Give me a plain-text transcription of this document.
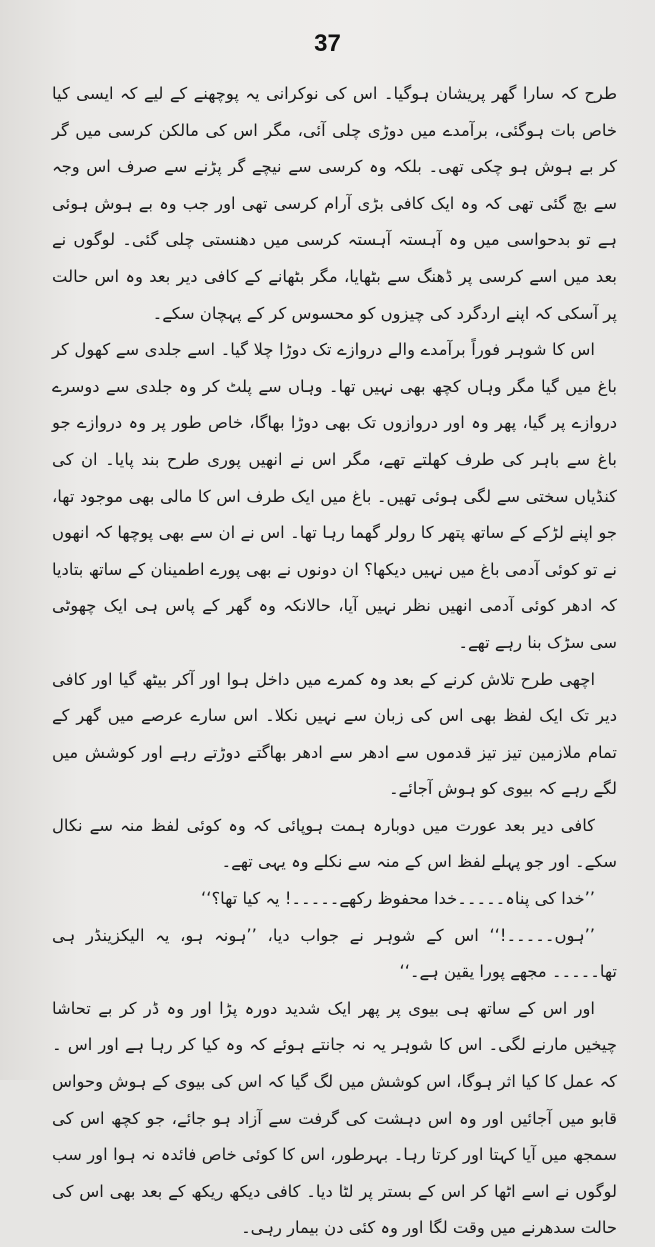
37

طرح کہ سارا گھر پریشان ہوگیا۔ اس کی نوکرانی یہ پوچھنے کے لیے کہ ایسی کیا خاص بات ہوگئی، برآمدے میں دوڑی چلی آئی، مگر اس کی مالکن کرسی میں گر کر بے ہوش ہو چکی تھی۔ بلکہ وہ کرسی سے نیچے گر پڑنے سے صرف اس وجہ سے بچ گئی تھی کہ وہ ایک کافی بڑی آرام کرسی تھی اور جب وہ بے ہوش ہوئی ہے تو بدحواسی میں وہ آہستہ آہستہ کرسی میں دھنستی چلی گئی۔ لوگوں نے بعد میں اسے کرسی پر ڈھنگ سے بٹھایا، مگر بٹھانے کے کافی دیر بعد وہ اس حالت پر آسکی کہ اپنے اردگرد کی چیزوں کو محسوس کر کے پہچان سکے۔

اس کا شوہر فوراً برآمدے والے دروازے تک دوڑا چلا گیا۔ اسے جلدی سے کھول کر باغ میں گیا مگر وہاں کچھ بھی نہیں تھا۔ وہاں سے پلٹ کر وہ جلدی سے دوسرے دروازے پر گیا، پھر وہ اور دروازوں تک بھی دوڑا بھاگا، خاص طور پر وہ دروازے جو باغ سے باہر کی طرف کھلتے تھے، مگر اس نے انھیں پوری طرح بند پایا۔ ان کی کنڈیاں سختی سے لگی ہوئی تھیں۔ باغ میں ایک طرف اس کا مالی بھی موجود تھا، جو اپنے لڑکے کے ساتھ پتھر کا رولر گھما رہا تھا۔ اس نے ان سے بھی پوچھا کہ انھوں نے تو کوئی آدمی باغ میں نہیں دیکھا؟ ان دونوں نے بھی پورے اطمینان کے ساتھ بتادیا کہ ادھر کوئی آدمی انھیں نظر نہیں آیا، حالانکہ وہ گھر کے پاس ہی ایک چھوٹی سی سڑک بنا رہے تھے۔

اچھی طرح تلاش کرنے کے بعد وہ کمرے میں داخل ہوا اور آکر بیٹھ گیا اور کافی دیر تک ایک لفظ بھی اس کی زبان سے نہیں نکلا۔ اس سارے عرصے میں گھر کے تمام ملازمین تیز تیز قدموں سے ادھر سے ادھر بھاگتے دوڑتے رہے اور کوشش میں لگے رہے کہ بیوی کو ہوش آجائے۔

کافی دیر بعد عورت میں دوبارہ ہمت ہوپائی کہ وہ کوئی لفظ منہ سے نکال سکے۔ اور جو پہلے لفظ اس کے منہ سے نکلے وہ یہی تھے۔

’’خدا کی پناہ۔۔۔۔۔خدا محفوظ رکھے۔۔۔۔۔! یہ کیا تھا؟‘‘

’’ہوں۔۔۔۔۔!‘‘ اس کے شوہر نے جواب دیا، ’’ہونہ ہو، یہ الیکزینڈر ہی تھا۔۔۔۔۔ مجھے پورا یقین ہے۔‘‘

اور اس کے ساتھ ہی بیوی پر پھر ایک شدید دورہ پڑا اور وہ ڈر کر بے تحاشا چیخیں مارنے لگی۔ اس کا شوہر یہ نہ جانتے ہوئے کہ وہ کیا کر رہا ہے اور اس ۔ کہ عمل کا کیا اثر ہوگا، اس کوشش میں لگ گیا کہ اس کی بیوی کے ہوش وحواس قابو میں آجائیں اور وہ اس دہشت کی گرفت سے آزاد ہو جائے، جو کچھ اس کی سمجھ میں آیا کہتا اور کرتا رہا۔ بہرطور، اس کا کوئی خاص فائدہ نہ ہوا اور سب لوگوں نے اسے اٹھا کر اس کے بستر پر لٹا دیا۔ کافی دیکھ ریکھ کے بعد بھی اس کی حالت سدھرنے میں وقت لگا اور وہ کئی دن بیمار رہی۔
